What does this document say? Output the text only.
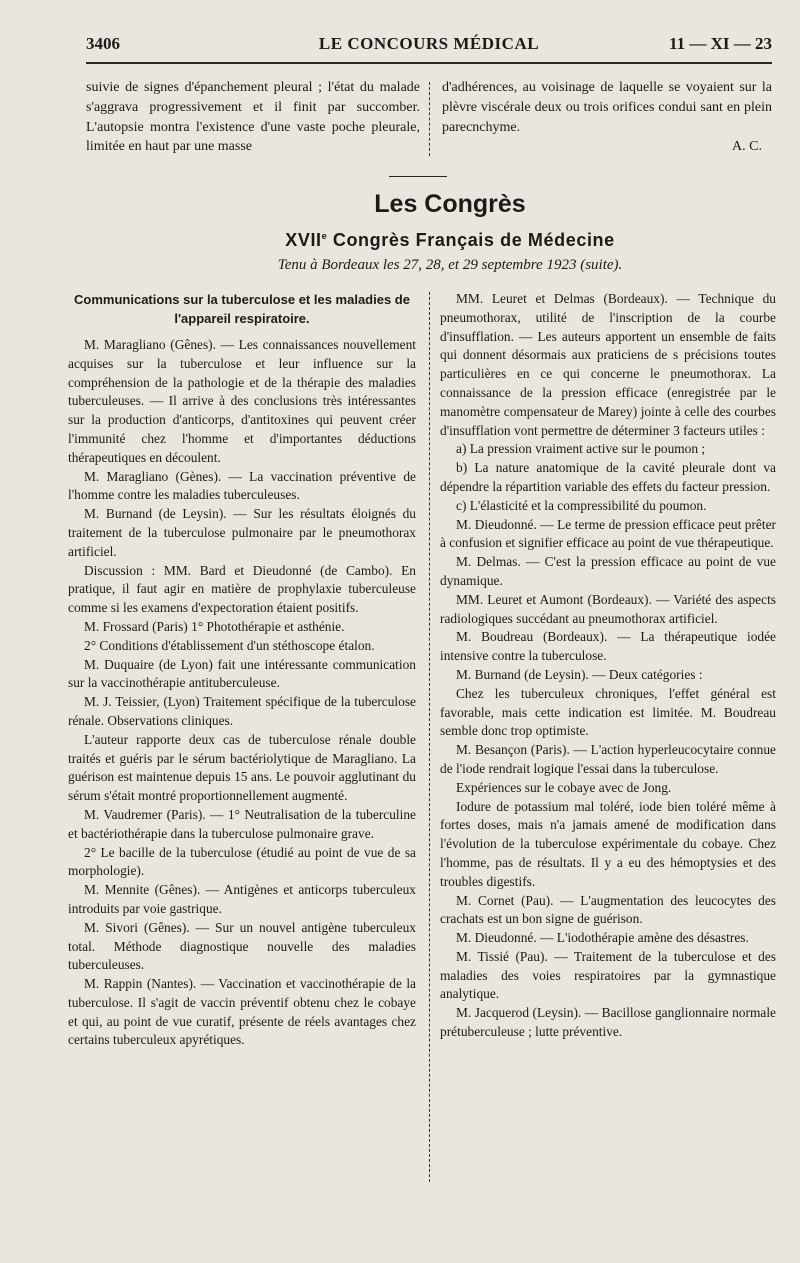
3406	LE CONCOURS MÉDICAL	11 — XI — 23

suivie de signes d'épanchement pleural ; l'état du malade s'aggrava progressivement et il finit par succomber. L'autopsie montra l'existence d'une vaste poche pleurale, limitée en haut par une masse

d'adhérences, au voisinage de laquelle se voyaient sur la plèvre viscérale deux ou trois orifices condui sant en plein parecnchyme.

A. C.

Les Congrès
XVIIe Congrès Français de Médecine
Tenu à Bordeaux les 27, 28, et 29 septembre 1923 (suite).
Communications sur la tuberculose et les maladies de l'appareil respiratoire.

M. Maragliano (Gênes). — Les connaissances nouvellement acquises sur la tuberculose et leur influence sur la compréhension de la pathologie et de la thérapie des maladies tuberculeuses. — Il arrive à des conclusions très intéressantes sur la production d'anticorps, d'antitoxines qui peuvent créer l'immunité chez l'homme et d'importantes déductions thérapeutiques en découlent.

M. Maragliano (Gènes). — La vaccination préventive de l'homme contre les maladies tuberculeuses.

M. Burnand (de Leysin). — Sur les résultats éloignés du traitement de la tuberculose pulmonaire par le pneumothorax artificiel.

Discussion : MM. Bard et Dieudonné (de Cambo). En pratique, il faut agir en matière de prophylaxie tuberculeuse comme si les examens d'expectoration étaient positifs.

M. Frossard (Paris) 1° Photothérapie et asthénie.

2° Conditions d'établissement d'un stéthoscope étalon.

M. Duquaire (de Lyon) fait une intéressante communication sur la vaccinothérapie antituberculeuse.

M. J. Teissier, (Lyon) Traitement spécifique de la tuberculose rénale. Observations cliniques.

L'auteur rapporte deux cas de tuberculose rénale double traités et guéris par le sérum bactériolytique de Maragliano. La guérison est maintenue depuis 15 ans. Le pouvoir agglutinant du sérum s'était montré proportionnellement augmenté.

M. Vaudremer (Paris). — 1° Neutralisation de la tuberculine et bactériothérapie dans la tuberculose pulmonaire grave.

2° Le bacille de la tuberculose (étudié au point de vue de sa morphologie).

M. Mennite (Gênes). — Antigènes et anticorps tuberculeux introduits par voie gastrique.

M. Sivori (Gênes). — Sur un nouvel antigène tuberculeux total. Méthode diagnostique nouvelle des maladies tuberculeuses.

M. Rappin (Nantes). — Vaccination et vaccinothérapie de la tuberculose. Il s'agit de vaccin préventif obtenu chez le cobaye et qui, au point de vue curatif, présente de réels avantages chez certains tuberculeux apyrétiques.

MM. Leuret et Delmas (Bordeaux). — Technique du pneumothorax, utilité de l'inscription de la courbe d'insufflation. — Les auteurs apportent un ensemble de faits qui donnent désormais aux praticiens de s précisions toutes particulières en ce qui concerne le pneumothorax. La connaissance de la pression efficace (enregistrée par le manomètre compensateur de Marey) jointe à celle des courbes d'insufflation vont permettre de déterminer 3 facteurs utiles :

a) La pression vraiment active sur le poumon ;

b) La nature anatomique de la cavité pleurale dont va dépendre la répartition variable des effets du facteur pression.

c) L'élasticité et la compressibilité du poumon.

M. Dieudonné. — Le terme de pression efficace peut prêter à confusion et signifier efficace au point de vue thérapeutique.

M. Delmas. — C'est la pression efficace au point de vue dynamique.

MM. Leuret et Aumont (Bordeaux). — Variété des aspects radiologiques succédant au pneumothorax artificiel.

M. Boudreau (Bordeaux). — La thérapeutique iodée intensive contre la tuberculose.

M. Burnand (de Leysin). — Deux catégories :

Chez les tuberculeux chroniques, l'effet général est favorable, mais cette indication est limitée. M. Boudreau semble donc trop optimiste.

M. Besançon (Paris). — L'action hyperleucocytaire connue de l'iode rendrait logique l'essai dans la tuberculose.

Expériences sur le cobaye avec de Jong.

Iodure de potassium mal toléré, iode bien toléré même à fortes doses, mais n'a jamais amené de modification dans l'évolution de la tuberculose expérimentale du cobaye. Chez l'homme, pas de résultats. Il y a eu des hémoptysies et des troubles digestifs.

M. Cornet (Pau). — L'augmentation des leucocytes des crachats est un bon signe de guérison.

M. Dieudonné. — L'iodothérapie amène des désastres.

M. Tissié (Pau). — Traitement de la tuberculose et des maladies des voies respiratoires par la gymnastique analytique.

M. Jacquerod (Leysin). — Bacillose ganglionnaire normale prétuberculeuse ; lutte préventive.
